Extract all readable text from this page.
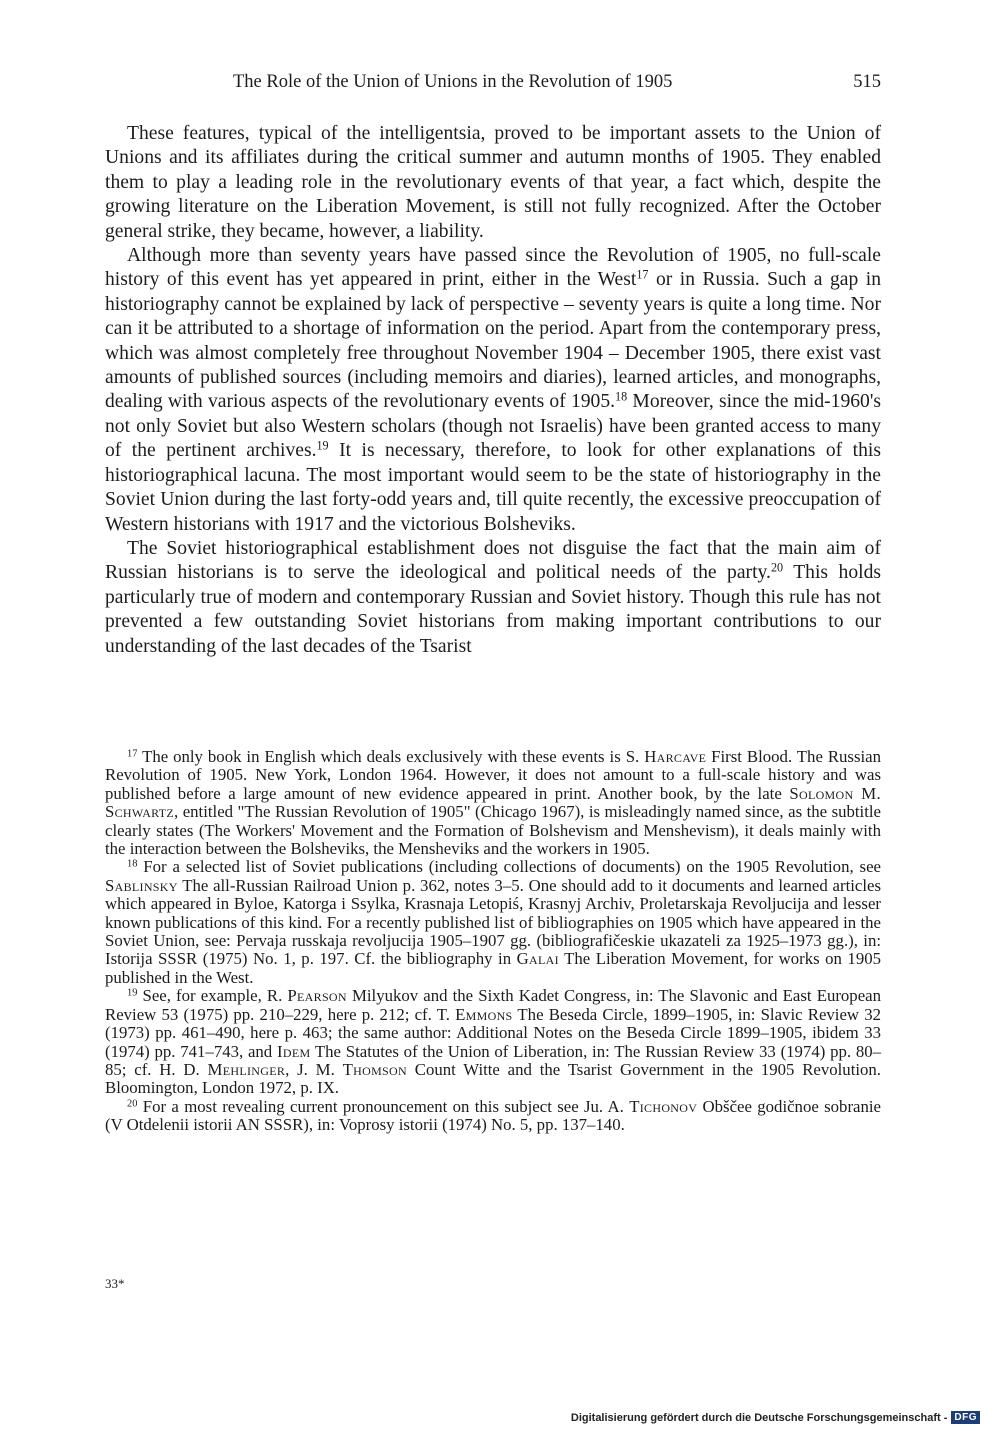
The Role of the Union of Unions in the Revolution of 1905	515

These features, typical of the intelligentsia, proved to be important assets to the Union of Unions and its affiliates during the critical summer and autumn months of 1905. They enabled them to play a leading role in the revolutionary events of that year, a fact which, despite the growing literature on the Liberation Movement, is still not fully recognized. After the October general strike, they became, however, a liability.

Although more than seventy years have passed since the Revolution of 1905, no full-scale history of this event has yet appeared in print, either in the West$^{17}$ or in Russia. Such a gap in historiography cannot be explained by lack of perspective – seventy years is quite a long time. Nor can it be attributed to a shortage of information on the period. Apart from the contemporary press, which was almost completely free throughout November 1904 – December 1905, there exist vast amounts of published sources (including memoirs and diaries), learned articles, and monographs, dealing with various aspects of the revolutionary events of 1905.18 Moreover, since the mid-1960's not only Soviet but also Western scholars (though not Israelis) have been granted access to many of the pertinent archives.$^{19}$ It is necessary, therefore, to look for other explanations of this historiographical lacuna. The most important would seem to be the state of historiography in the Soviet Union during the last forty-odd years and, till quite recently, the excessive preoccupation of Western historians with 1917 and the victorious Bolsheviks.

The Soviet historiographical establishment does not disguise the fact that the main aim of Russian historians is to serve the ideological and political needs of the party.$^{20}$ This holds particularly true of modern and contemporary Russian and Soviet history. Though this rule has not prevented a few outstanding Soviet historians from making important contributions to our understanding of the last decades of the Tsarist

$^{17}$ The only book in English which deals exclusively with these events is S. Harcave First Blood. The Russian Revolution of 1905. New York, London 1964. However, it does not amount to a full-scale history and was published before a large amount of new evidence appeared in print. Another book, by the late Solomon M. Schwartz, entitled "The Russian Revolution of 1905" (Chicago 1967), is misleadingly named since, as the subtitle clearly states (The Workers' Movement and the Formation of Bolshevism and Menshevism), it deals mainly with the interaction between the Bolsheviks, the Mensheviks and the workers in 1905.

$^{18}$ For a selected list of Soviet publications (including collections of documents) on the 1905 Revolution, see Sablinsky The all-Russian Railroad Union p. 362, notes 3–5. One should add to it documents and learned articles which appeared in Byloe, Katorga i Ssylka, Krasnaja Letopiś, Krasnyj Archiv, Proletarskaja Revoljucija and lesser known publications of this kind. For a recently published list of bibliographies on 1905 which have appeared in the Soviet Union, see: Pervaja russkaja revoljucija 1905–1907 gg. (bibliografičeskie ukazateli za 1925–1973 gg.), in: Istorija SSSR (1975) No. 1, p. 197. Cf. the bibliography in Galai The Liberation Movement, for works on 1905 published in the West.

$^{19}$ See, for example, R. Pearson Milyukov and the Sixth Kadet Congress, in: The Slavonic and East European Review 53 (1975) pp. 210–229, here p. 212; cf. T. Emmons The Beseda Circle, 1899–1905, in: Slavic Review 32 (1973) pp. 461–490, here p. 463; the same author: Additional Notes on the Beseda Circle 1899–1905, ibidem 33 (1974) pp. 741–743, and Idem The Statutes of the Union of Liberation, in: The Russian Review 33 (1974) pp. 80–85; cf. H. D. Mehlinger, J. M. Thomson Count Witte and the Tsarist Government in the 1905 Revolution. Bloomington, London 1972, p. IX.

$^{20}$ For a most revealing current pronouncement on this subject see Ju. A. Tichonov Obščee godičnoe sobranie (V Otdelenii istorii AN SSSR), in: Voprosy istorii (1974) No. 5, pp. 137–140.

33*
Digitalisierung gefördert durch die Deutsche Forschungsgemeinschaft - DFG
